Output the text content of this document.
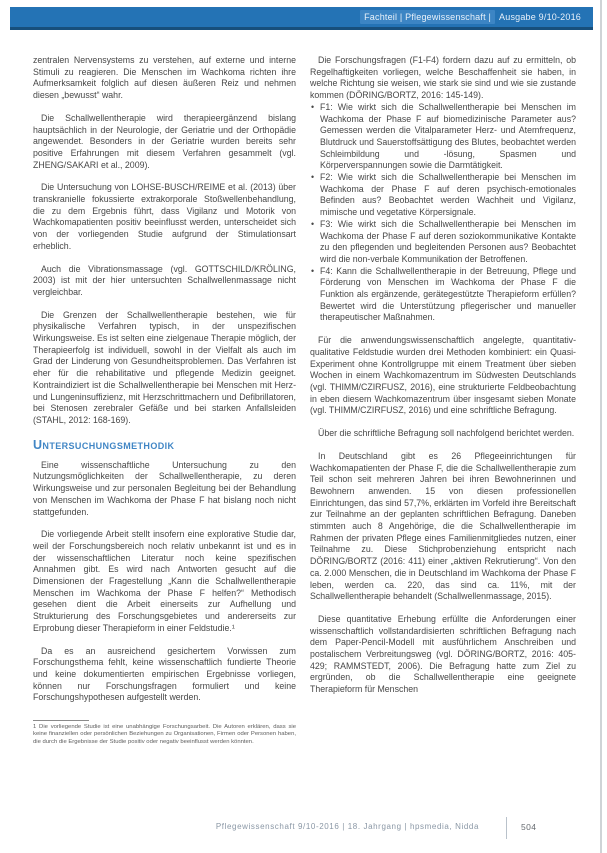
Fachteil | Pflegewissenschaft | Ausgabe 9/10-2016

zentralen Nervensystems zu verstehen, auf externe und interne Stimuli zu reagieren. Die Menschen im Wachkoma richten ihre Aufmerksamkeit folglich auf diesen äußeren Reiz und nehmen diesen „bewusst“ wahr.

Die Schallwellentherapie wird therapieergänzend bislang hauptsächlich in der Neurologie, der Geriatrie und der Orthopädie angewendet. Besonders in der Geriatrie wurden bereits sehr positive Erfahrungen mit diesem Verfahren gesammelt (vgl. ZHENG/SAKARI et al., 2009).

Die Untersuchung von LOHSE-BUSCH/REIME et al. (2013) über transkranielle fokussierte extrakorporale Stoßwellenbehandlung, die zu dem Ergebnis führt, dass Vigilanz und Motorik von Wachkomapatienten positiv beeinflusst werden, unterscheidet sich von der vorliegenden Studie aufgrund der Stimulationsart erheblich.

Auch die Vibrationsmassage (vgl. GOTTSCHILD/KRÖLING, 2003) ist mit der hier untersuchten Schallwellenmassage nicht vergleichbar.

Die Grenzen der Schallwellentherapie bestehen, wie für physikalische Verfahren typisch, in der unspezifischen Wirkungsweise. Es ist selten eine zielgenaue Therapie möglich, der Therapieerfolg ist individuell, sowohl in der Vielfalt als auch im Grad der Linderung von Gesundheitsproblemen. Das Verfahren ist eher für die rehabilitative und pflegende Medizin geeignet. Kontraindiziert ist die Schallwellentherapie bei Menschen mit Herz- und Lungeninsuffizienz, mit Herzschrittmachern und Defibrillatoren, bei Stenosen zerebraler Gefäße und bei starken Anfallsleiden (STAHL, 2012: 168-169).

Untersuchungsmethodik

Eine wissenschaftliche Untersuchung zu den Nutzungsmöglichkeiten der Schallwellentherapie, zu deren Wirkungsweise und zur personalen Begleitung bei der Behandlung von Menschen im Wachkoma der Phase F hat bislang noch nicht stattgefunden.

Die vorliegende Arbeit stellt insofern eine explorative Studie dar, weil der Forschungsbereich noch relativ unbekannt ist und es in der wissenschaftlichen Literatur noch keine spezifischen Annahmen gibt. Es wird nach Antworten gesucht auf die Dimensionen der Fragestellung „Kann die Schallwellentherapie Menschen im Wachkoma der Phase F helfen?“ Methodisch gesehen dient die Arbeit einerseits zur Aufhellung und Strukturierung des Forschungsgebietes und andererseits zur Erprobung dieser Therapieform in einer Feldstudie.¹

Da es an ausreichend gesichertem Vorwissen zum Forschungsthema fehlt, keine wissenschaftlich fundierte Theorie und keine dokumentierten empirischen Ergebnisse vorliegen, können nur Forschungsfragen formuliert und keine Forschungshypothesen aufgestellt werden.

1 Die vorliegende Studie ist eine unabhängige Forschungsarbeit. Die Autoren erklären, dass sie keine finanziellen oder persönlichen Beziehungen zu Organisationen, Firmen oder Personen haben, die durch die Ergebnisse der Studie positiv oder negativ beeinflusst werden könnten.

Die Forschungsfragen (F1-F4) fordern dazu auf zu ermitteln, ob Regelhaftigkeiten vorliegen, welche Beschaffenheit sie haben, in welche Richtung sie weisen, wie stark sie sind und wie sie zustande kommen (DÖRING/BORTZ, 2016: 145-149).

• F1: Wie wirkt sich die Schallwellentherapie bei Menschen im Wachkoma der Phase F auf biomedizinische Parameter aus? Gemessen werden die Vitalparameter Herz- und Atemfrequenz, Blutdruck und Sauerstoffsättigung des Blutes, beobachtet werden Schleimbildung und -lösung, Spasmen und Körperverspannungen sowie die Darmtätigkeit.
• F2: Wie wirkt sich die Schallwellentherapie bei Menschen im Wachkoma der Phase F auf deren psychisch-emotionales Befinden aus? Beobachtet werden Wachheit und Vigilanz, mimische und vegetative Körpersignale.
• F3: Wie wirkt sich die Schallwellentherapie bei Menschen im Wachkoma der Phase F auf deren soziokommunikative Kontakte zu den pflegenden und begleitenden Personen aus? Beobachtet wird die non-verbale Kommunikation der Betroffenen.
• F4: Kann die Schallwellentherapie in der Betreuung, Pflege und Förderung von Menschen im Wachkoma der Phase F die Funktion als ergänzende, gerätegestützte Therapieform erfüllen? Bewertet wird die Unterstützung pflegerischer und manueller therapeutischer Maßnahmen.

Für die anwendungswissenschaftlich angelegte, quantitativ-qualitative Feldstudie wurden drei Methoden kombiniert: ein Quasi-Experiment ohne Kontrollgruppe mit einem Treatment über sieben Wochen in einem Wachkomazentrum im Südwesten Deutschlands (vgl. THIMM/CZIRFUSZ, 2016), eine strukturierte Feldbeobachtung in eben diesem Wachkomazentrum über insgesamt sieben Monate (vgl. THIMM/CZIRFUSZ, 2016) und eine schriftliche Befragung.

Über die schriftliche Befragung soll nachfolgend berichtet werden.

In Deutschland gibt es 26 Pflegeeinrichtungen für Wachkomapatienten der Phase F, die die Schallwellentherapie zum Teil schon seit mehreren Jahren bei ihren Bewohnerinnen und Bewohnern anwenden. 15 von diesen professionellen Einrichtungen, das sind 57,7%, erklärten im Vorfeld ihre Bereitschaft zur Teilnahme an der geplanten schriftlichen Befragung. Daneben stimmten auch 8 Angehörige, die die Schallwellentherapie im Rahmen der privaten Pflege eines Familienmitgliedes nutzen, einer Teilnahme zu. Diese Stichprobenziehung entspricht nach DÖRING/BORTZ (2016: 411) einer „aktiven Rekrutierung“. Von den ca. 2.000 Menschen, die in Deutschland im Wachkoma der Phase F leben, werden ca. 220, das sind ca. 11%, mit der Schallwellentherapie behandelt (Schallwellenmassage, 2015).

Diese quantitative Erhebung erfüllte die Anforderungen einer wissenschaftlich vollstandardisierten schriftlichen Befragung nach dem Paper-Pencil-Modell mit ausführlichem Anschreiben und postalischem Verbreitungsweg (vgl. DÖRING/BORTZ, 2016: 405-429; RAMMSTEDT, 2006). Die Befragung hatte zum Ziel zu ergründen, ob die Schallwellentherapie eine geeignete Therapieform für Menschen

Pflegewissenschaft 9/10-2016 | 18. Jahrgang | hpsmedia, Nidda	504
